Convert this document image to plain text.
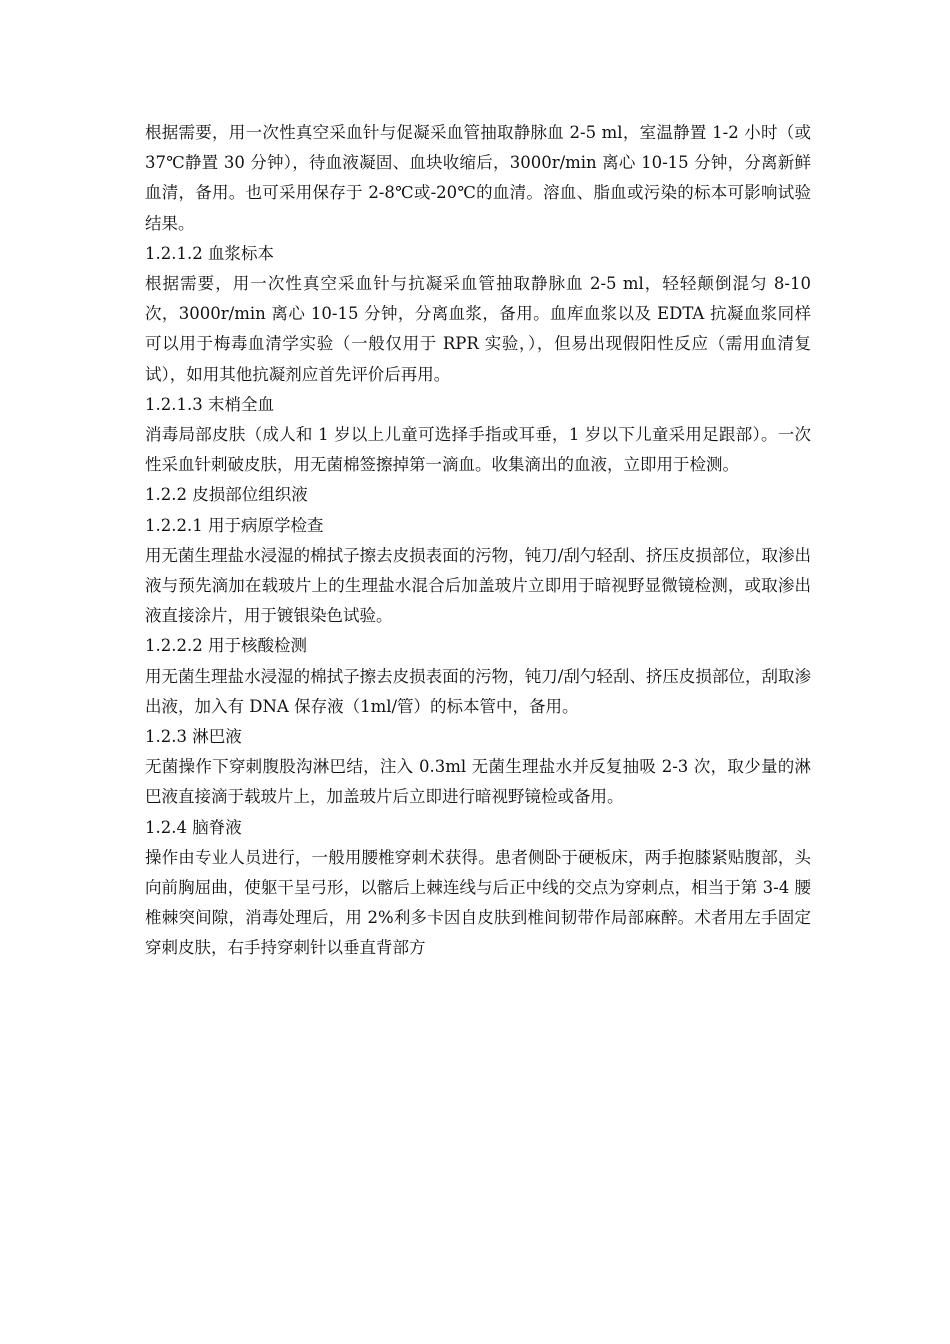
根据需要，用一次性真空采血针与促凝采血管抽取静脉血 2-5 ml，室温静置 1-2 小时（或 37℃静置 30 分钟），待血液凝固、血块收缩后，3000r/min 离心 10-15 分钟，分离新鲜血清，备用。也可采用保存于 2-8℃或-20℃的血清。溶血、脂血或污染的标本可影响试验结果。

1.2.1.2 血浆标本

根据需要，用一次性真空采血针与抗凝采血管抽取静脉血 2-5 ml，轻轻颠倒混匀 8-10 次，3000r/min 离心 10-15 分钟，分离血浆，备用。血库血浆以及 EDTA 抗凝血浆同样可以用于梅毒血清学实验（一般仅用于 RPR 实验，），但易出现假阳性反应（需用血清复试），如用其他抗凝剂应首先评价后再用。

1.2.1.3 末梢全血

消毒局部皮肤（成人和 1 岁以上儿童可选择手指或耳垂，1 岁以下儿童采用足跟部）。一次性采血针刺破皮肤，用无菌棉签擦掉第一滴血。收集滴出的血液，立即用于检测。

1.2.2 皮损部位组织液

1.2.2.1 用于病原学检查

用无菌生理盐水浸湿的棉拭子擦去皮损表面的污物，钝刀/刮勺轻刮、挤压皮损部位，取渗出液与预先滴加在载玻片上的生理盐水混合后加盖玻片立即用于暗视野显微镜检测，或取渗出液直接涂片，用于镀银染色试验。

1.2.2.2 用于核酸检测

用无菌生理盐水浸湿的棉拭子擦去皮损表面的污物，钝刀/刮勺轻刮、挤压皮损部位，刮取渗出液，加入有 DNA 保存液（1ml/管）的标本管中，备用。

1.2.3 淋巴液

无菌操作下穿刺腹股沟淋巴结，注入 0.3ml 无菌生理盐水并反复抽吸 2-3 次，取少量的淋巴液直接滴于载玻片上，加盖玻片后立即进行暗视野镜检或备用。

1.2.4 脑脊液

操作由专业人员进行，一般用腰椎穿刺术获得。患者侧卧于硬板床，两手抱膝紧贴腹部，头向前胸屈曲，使躯干呈弓形，以髂后上棘连线与后正中线的交点为穿刺点，相当于第 3-4 腰椎棘突间隙，消毒处理后，用 2%利多卡因自皮肤到椎间韧带作局部麻醉。术者用左手固定穿刺皮肤，右手持穿刺针以垂直背部方
